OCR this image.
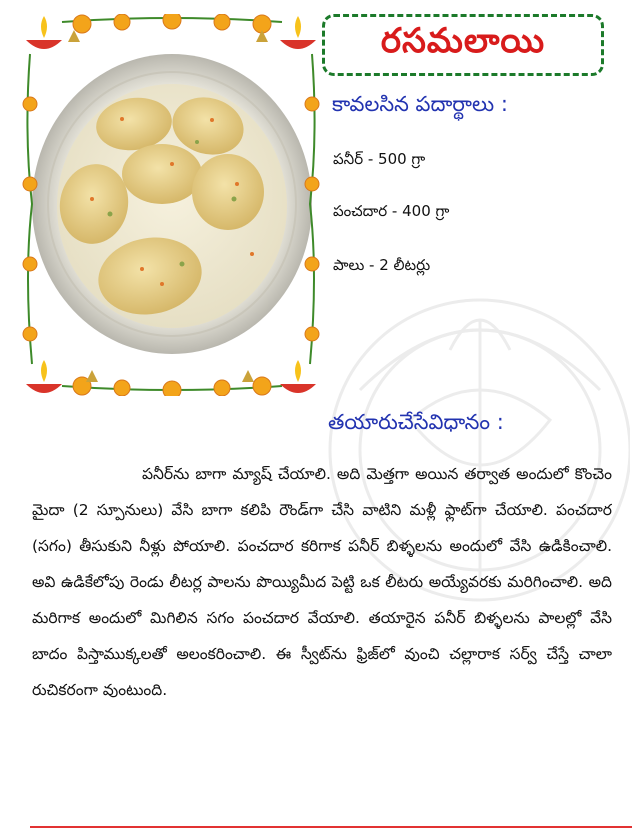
రసమలాయి
కావలసిన పదార్థాలు :
పనీర్ - 500 గ్రా
పంచదార - 400 గ్రా
పాలు - 2 లీటర్లు
తయారుచేసేవిధానం :
పనీర్‌ను బాగా మ్యాష్ చేయాలి. అది మెత్తగా అయిన తర్వాత అందులో కొంచెం మైదా (2 స్పూనులు) వేసి బాగా కలిపి రౌండ్‌గా చేసి వాటిని మళ్లీ ఫ్లాట్‌గా చేయాలి. పంచదార (సగం) తీసుకుని నీళ్లు పోయాలి. పంచదార కరిగాక పనీర్ బిళ్ళలను అందులో వేసి ఉడికించాలి. అవి ఉడికేలోపు రెండు లీటర్ల పాలను పొయ్యిమీద పెట్టి ఒక లీటరు అయ్యేవరకు మరిగించాలి. అది మరిగాక అందులో మిగిలిన సగం పంచదార వేయాలి. తయారైన పనీర్ బిళ్ళలను పాలల్లో వేసి బాదం పిస్తాముక్కలతో అలంకరించాలి. ఈ స్వీట్‌ను ఫ్రిజ్‌లో వుంచి చల్లారాక సర్వ్ చేస్తే చాలా రుచికరంగా వుంటుంది.
